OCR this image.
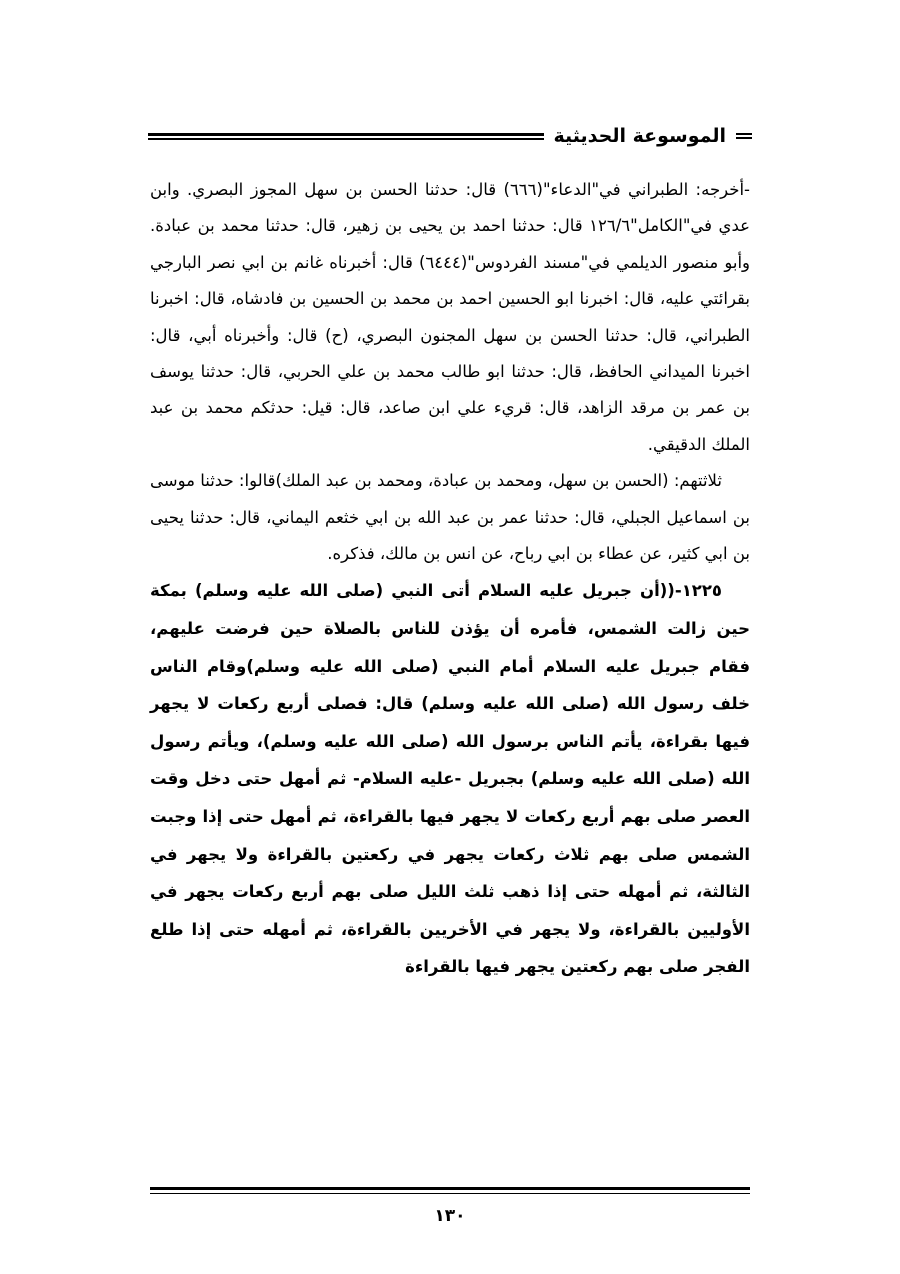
الموسوعة الحديثية

-أخرجه: الطبراني في"الدعاء"(٦٦٦) قال: حدثنا الحسن بن سهل المجوز البصري. وابن عدي في"الكامل"١٢٦/٦ قال: حدثنا احمد بن يحيى بن زهير، قال: حدثنا محمد بن عبادة. وأبو منصور الديلمي في"مسند الفردوس"(٦٤٤٤) قال: أخبرناه غانم بن ابي نصر البارجي بقرائتي عليه، قال: اخبرنا ابو الحسين احمد بن محمد بن الحسين بن فادشاه، قال: اخبرنا الطبراني، قال: حدثنا الحسن بن سهل المجنون البصري، (ح) قال: وأخبرناه أبي، قال: اخبرنا الميداني الحافظ، قال: حدثنا ابو طالب محمد بن علي الحربي، قال: حدثنا يوسف بن عمر بن مرقد الزاهد، قال: قريء علي ابن صاعد، قال: قيل: حدثكم محمد بن عبد الملك الدقيقي.

ثلاثتهم: (الحسن بن سهل، ومحمد بن عبادة، ومحمد بن عبد الملك)قالوا: حدثنا موسى بن اسماعيل الجبلي، قال: حدثنا عمر بن عبد الله بن ابي خثعم اليماني، قال: حدثنا يحيى بن ابي كثير، عن عطاء بن ابي رباح، عن انس بن مالك، فذكره.

١٢٢٥-((أن جبريل عليه السلام أتى النبي (صلى الله عليه وسلم) بمكة حين زالت الشمس، فأمره أن يؤذن للناس بالصلاة حين فرضت عليهم، فقام جبريل عليه السلام أمام النبي (صلى الله عليه وسلم)وقام الناس خلف رسول الله (صلى الله عليه وسلم) قال: فصلى أربع ركعات لا يجهر فيها بقراءة، يأتم الناس برسول الله (صلى الله عليه وسلم)، ويأتم رسول الله (صلى الله عليه وسلم) بجبريل -عليه السلام- ثم أمهل حتى دخل وقت العصر صلى بهم أربع ركعات لا يجهر فيها بالقراءة، ثم أمهل حتى إذا وجبت الشمس صلى بهم ثلاث ركعات يجهر في ركعتين بالقراءة ولا يجهر في الثالثة، ثم أمهله حتى إذا ذهب ثلث الليل صلى بهم أربع ركعات يجهر في الأوليين بالقراءة، ولا يجهر في الأخريين بالقراءة، ثم أمهله حتى إذا طلع الفجر صلى بهم ركعتين يجهر فيها بالقراءة

١٣٠
